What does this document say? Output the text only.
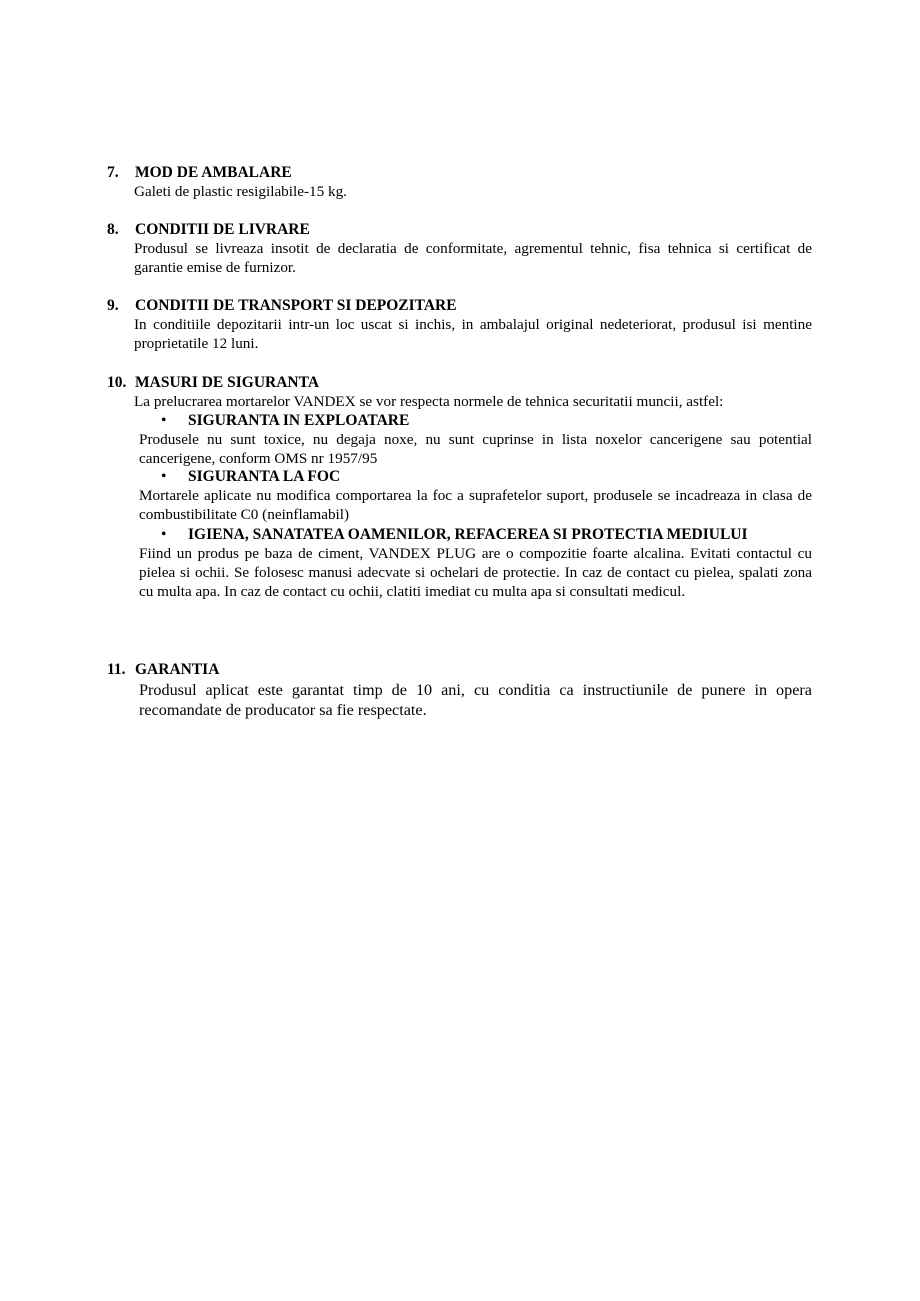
7. MOD DE AMBALARE
Galeti de plastic resigilabile-15 kg.
8. CONDITII DE LIVRARE
Produsul se livreaza insotit de declaratia de conformitate, agrementul tehnic, fisa tehnica si certificat de garantie emise de furnizor.
9. CONDITII DE TRANSPORT SI DEPOZITARE
In conditiile depozitarii intr-un loc uscat si inchis, in ambalajul original nedeteriorat, produsul isi mentine proprietatile 12 luni.
10. MASURI DE SIGURANTA
La prelucrarea mortarelor VANDEX se vor respecta normele de tehnica securitatii muncii, astfel:
• SIGURANTA IN EXPLOATARE
Produsele nu sunt toxice, nu degaja noxe, nu sunt cuprinse in lista noxelor cancerigene sau potential cancerigene, conform OMS nr 1957/95
• SIGURANTA LA FOC
Mortarele aplicate nu modifica comportarea la foc a suprafetelor suport, produsele se incadreaza in clasa de combustibilitate C0 (neinflamabil)
• IGIENA, SANATATEA OAMENILOR, REFACEREA SI PROTECTIA MEDIULUI
Fiind un produs pe baza de ciment, VANDEX PLUG are o compozitie foarte alcalina. Evitati contactul cu pielea si ochii. Se folosesc manusi adecvate si ochelari de protectie. In caz de contact cu pielea, spalati zona cu multa apa. In caz de contact cu ochii, clatiti imediat cu multa apa si consultati medicul.
11. GARANTIA
Produsul aplicat este garantat timp de 10 ani, cu conditia ca instructiunile de punere in opera recomandate de producator sa fie respectate.
